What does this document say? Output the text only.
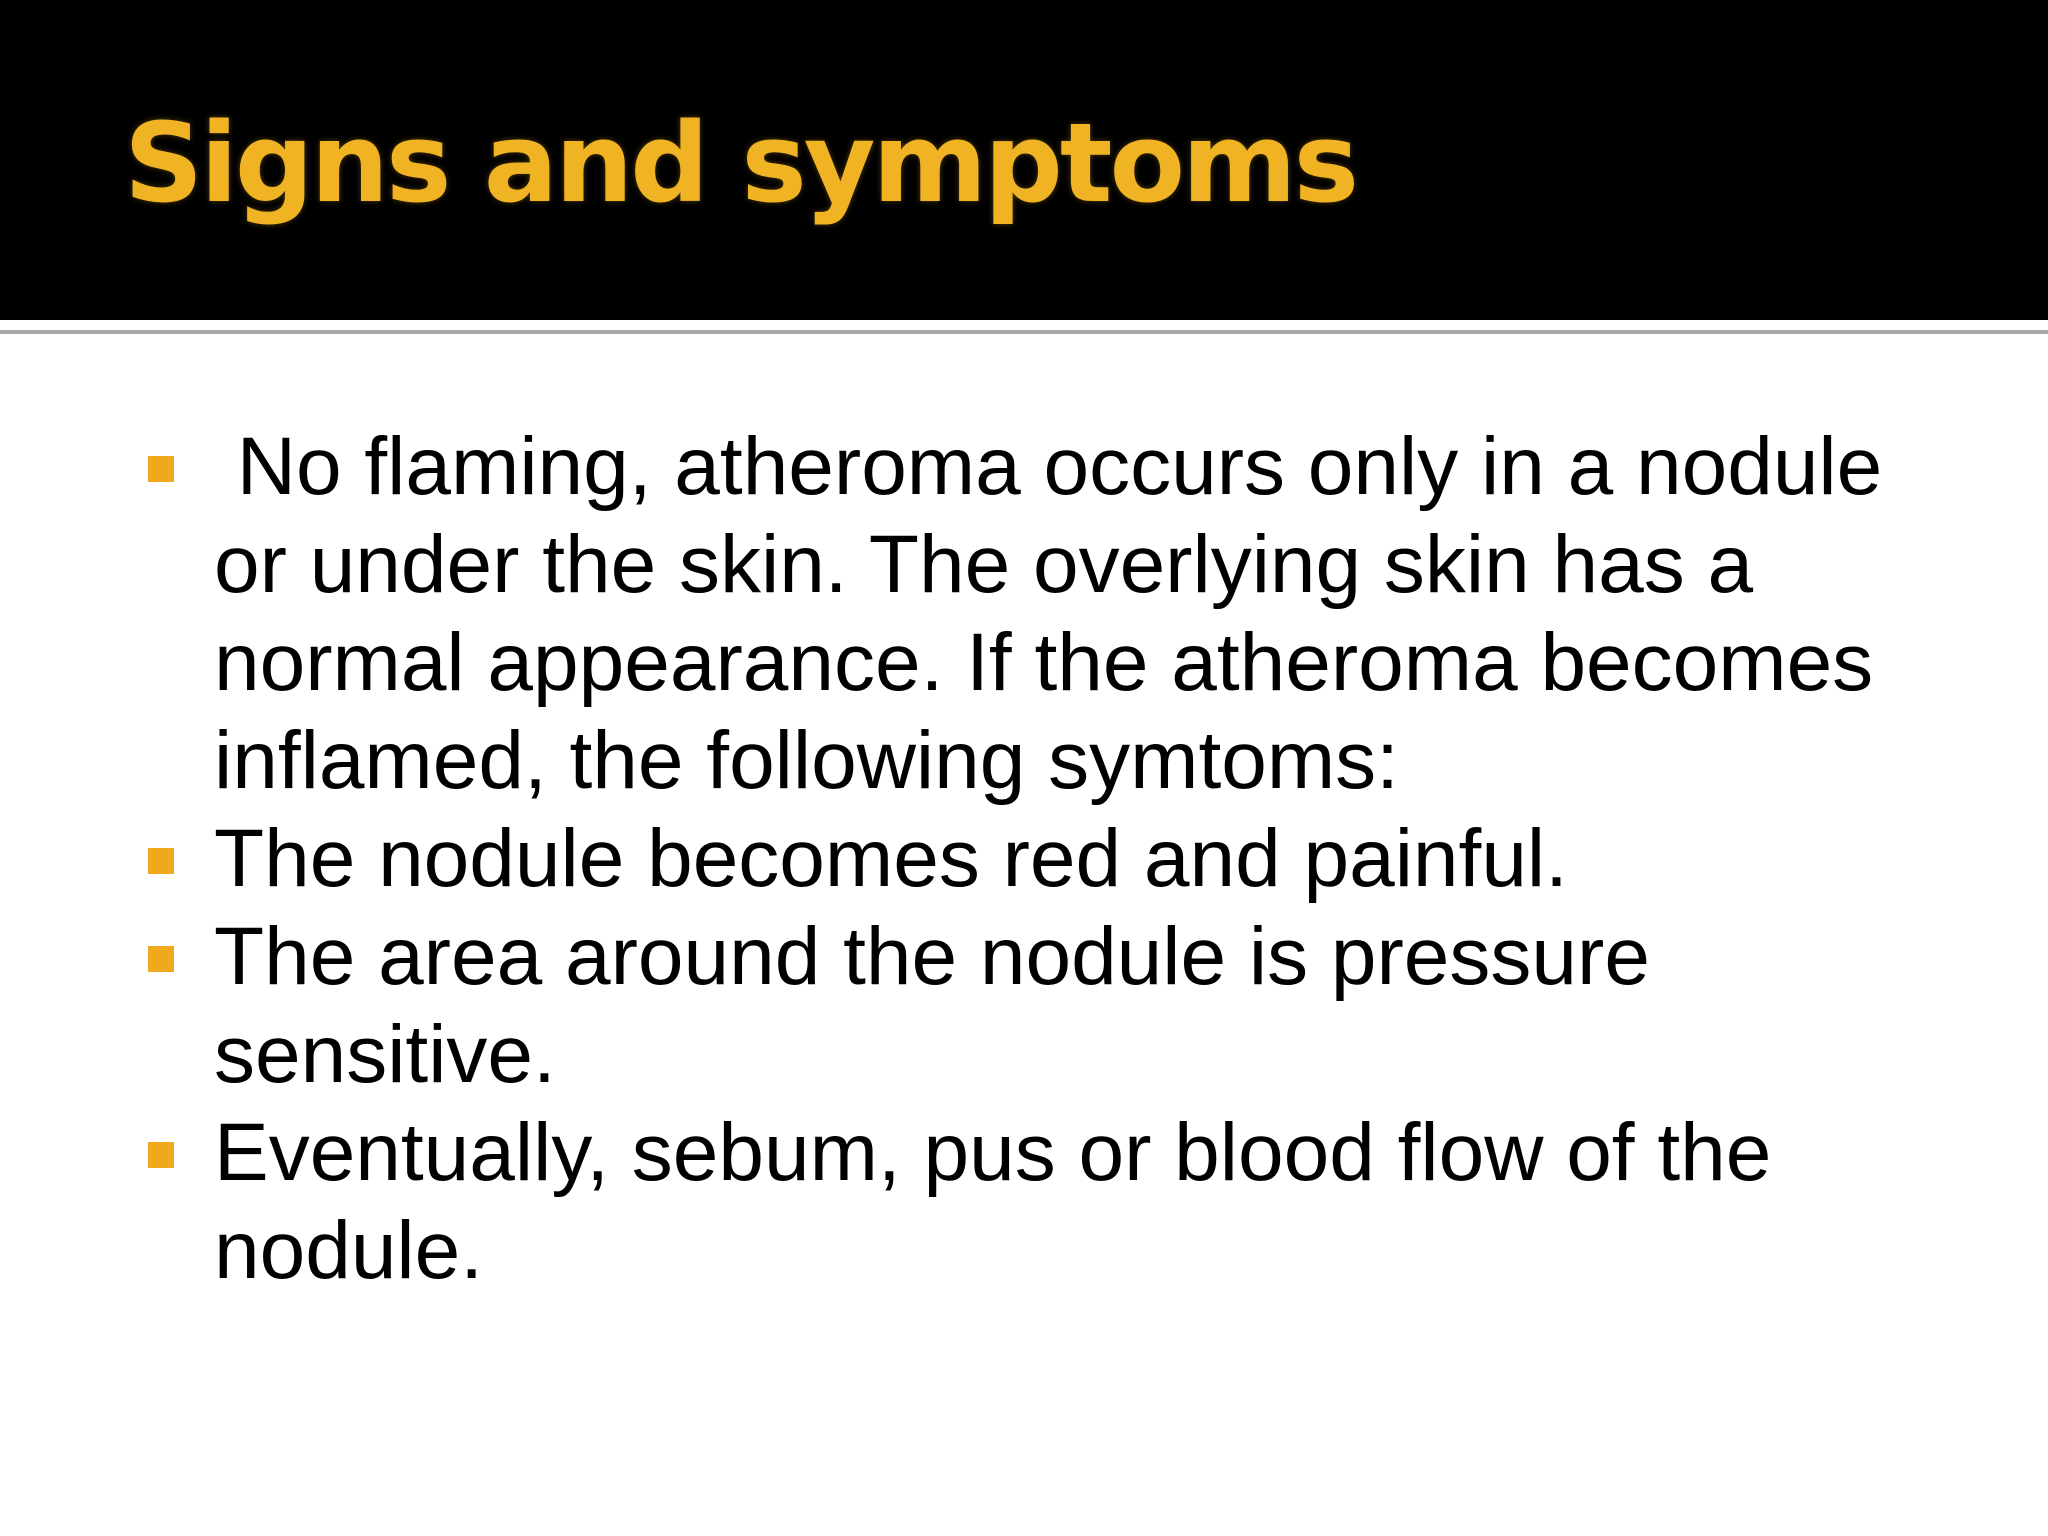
Signs and symptoms
No flaming, atheroma occurs only in a nodule or under the skin. The overlying skin has a normal appearance. If the atheroma becomes inflamed, the following symtoms:
The nodule becomes red and painful.
The area around the nodule is pressure sensitive.
Eventually, sebum, pus or blood flow of the nodule.
